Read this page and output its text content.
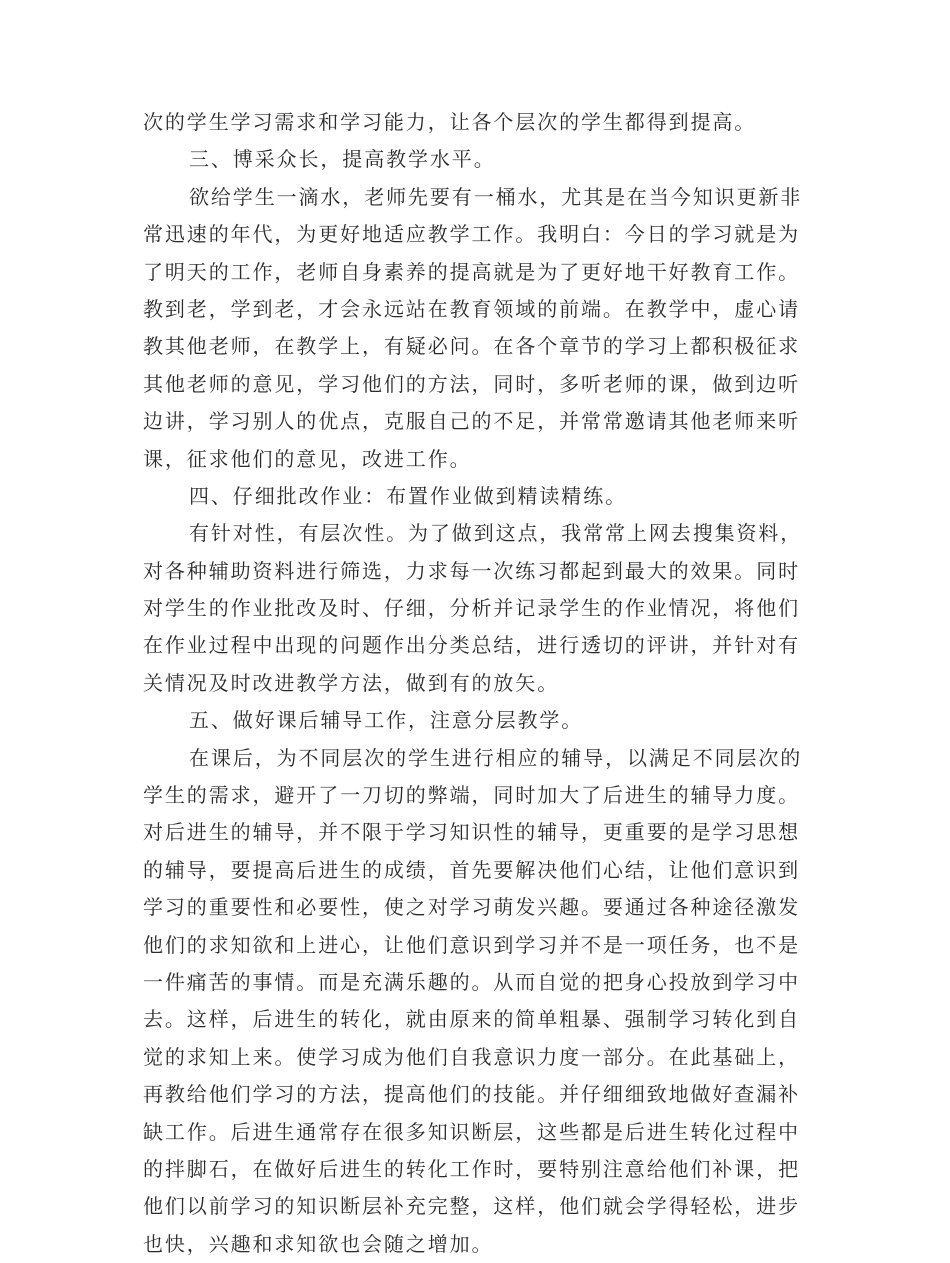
次的学生学习需求和学习能力，让各个层次的学生都得到提高。
三、博采众长，提高教学水平。
欲给学生一滴水，老师先要有一桶水，尤其是在当今知识更新非
常迅速的年代，为更好地适应教学工作。我明白：今日的学习就是为
了明天的工作，老师自身素养的提高就是为了更好地干好教育工作。
教到老，学到老，才会永远站在教育领域的前端。在教学中，虚心请
教其他老师，在教学上，有疑必问。在各个章节的学习上都积极征求
其他老师的意见，学习他们的方法，同时，多听老师的课，做到边听
边讲，学习别人的优点，克服自己的不足，并常常邀请其他老师来听
课，征求他们的意见，改进工作。
四、仔细批改作业：布置作业做到精读精练。
有针对性，有层次性。为了做到这点，我常常上网去搜集资料，
对各种辅助资料进行筛选，力求每一次练习都起到最大的效果。同时
对学生的作业批改及时、仔细，分析并记录学生的作业情况，将他们
在作业过程中出现的问题作出分类总结，进行透切的评讲，并针对有
关情况及时改进教学方法，做到有的放矢。
五、做好课后辅导工作，注意分层教学。
在课后，为不同层次的学生进行相应的辅导，以满足不同层次的
学生的需求，避开了一刀切的弊端，同时加大了后进生的辅导力度。
对后进生的辅导，并不限于学习知识性的辅导，更重要的是学习思想
的辅导，要提高后进生的成绩，首先要解决他们心结，让他们意识到
学习的重要性和必要性，使之对学习萌发兴趣。要通过各种途径激发
他们的求知欲和上进心，让他们意识到学习并不是一项任务，也不是
一件痛苦的事情。而是充满乐趣的。从而自觉的把身心投放到学习中
去。这样，后进生的转化，就由原来的简单粗暴、强制学习转化到自
觉的求知上来。使学习成为他们自我意识力度一部分。在此基础上，
再教给他们学习的方法，提高他们的技能。并仔细细致地做好查漏补
缺工作。后进生通常存在很多知识断层，这些都是后进生转化过程中
的拌脚石，在做好后进生的转化工作时，要特别注意给他们补课，把
他们以前学习的知识断层补充完整，这样，他们就会学得轻松，进步
也快，兴趣和求知欲也会随之增加。
